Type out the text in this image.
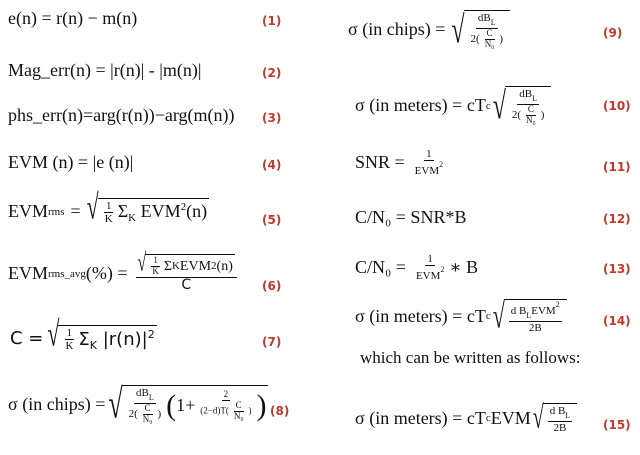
e(n) = r(n) − m(n)	(1)
Mag_err(n) = |r(n)| - |m(n)|	(2)
phs_err(n)=arg(r(n))−arg(m(n)) (3)
EVM (n) = |e (n)|	(4)
EVM rms = √ $\frac{1}{K} \Sigma_K$ EVM$^2$(n)	(5)
EVM rms_avg (%) = $\frac{√ \frac{1}{K} \Sigma K EVM 2 (n)}{C} (6)$
C = √ $\frac{1}{K} \Sigma_K$ $|r(n)|^2$
(7)
σ (in chips) = √ $\frac{dB_L}{2( \frac{C}{\text{N₀}} )}$ ( $1+ \frac{2}{(2-d)T( \frac{C}{\text{N₀}} )}$ ) (8)
σ (in chips) = √ $\frac{dB_L}{2( \frac{C}{\text{N₀}} )}$	(9)
σ (in meters) = cT c √ $\frac{dB_L}{2( \frac{C}{\text{N₀}} )}$	(10)
SNR = $\frac{1}{EVM^2}$	(11)
C/N₀ = SNR*B	(12)
$C/N_0 = \frac{1}{EVM^2}$ ∗ B	(13)
σ (in meters) = cT c √ $\frac{d B_LEVM^2}{2B}$	(14)
which can be written as follows:
σ (in meters) = cT c EVM √ $\frac{d B_L}{2B}$	(15)
